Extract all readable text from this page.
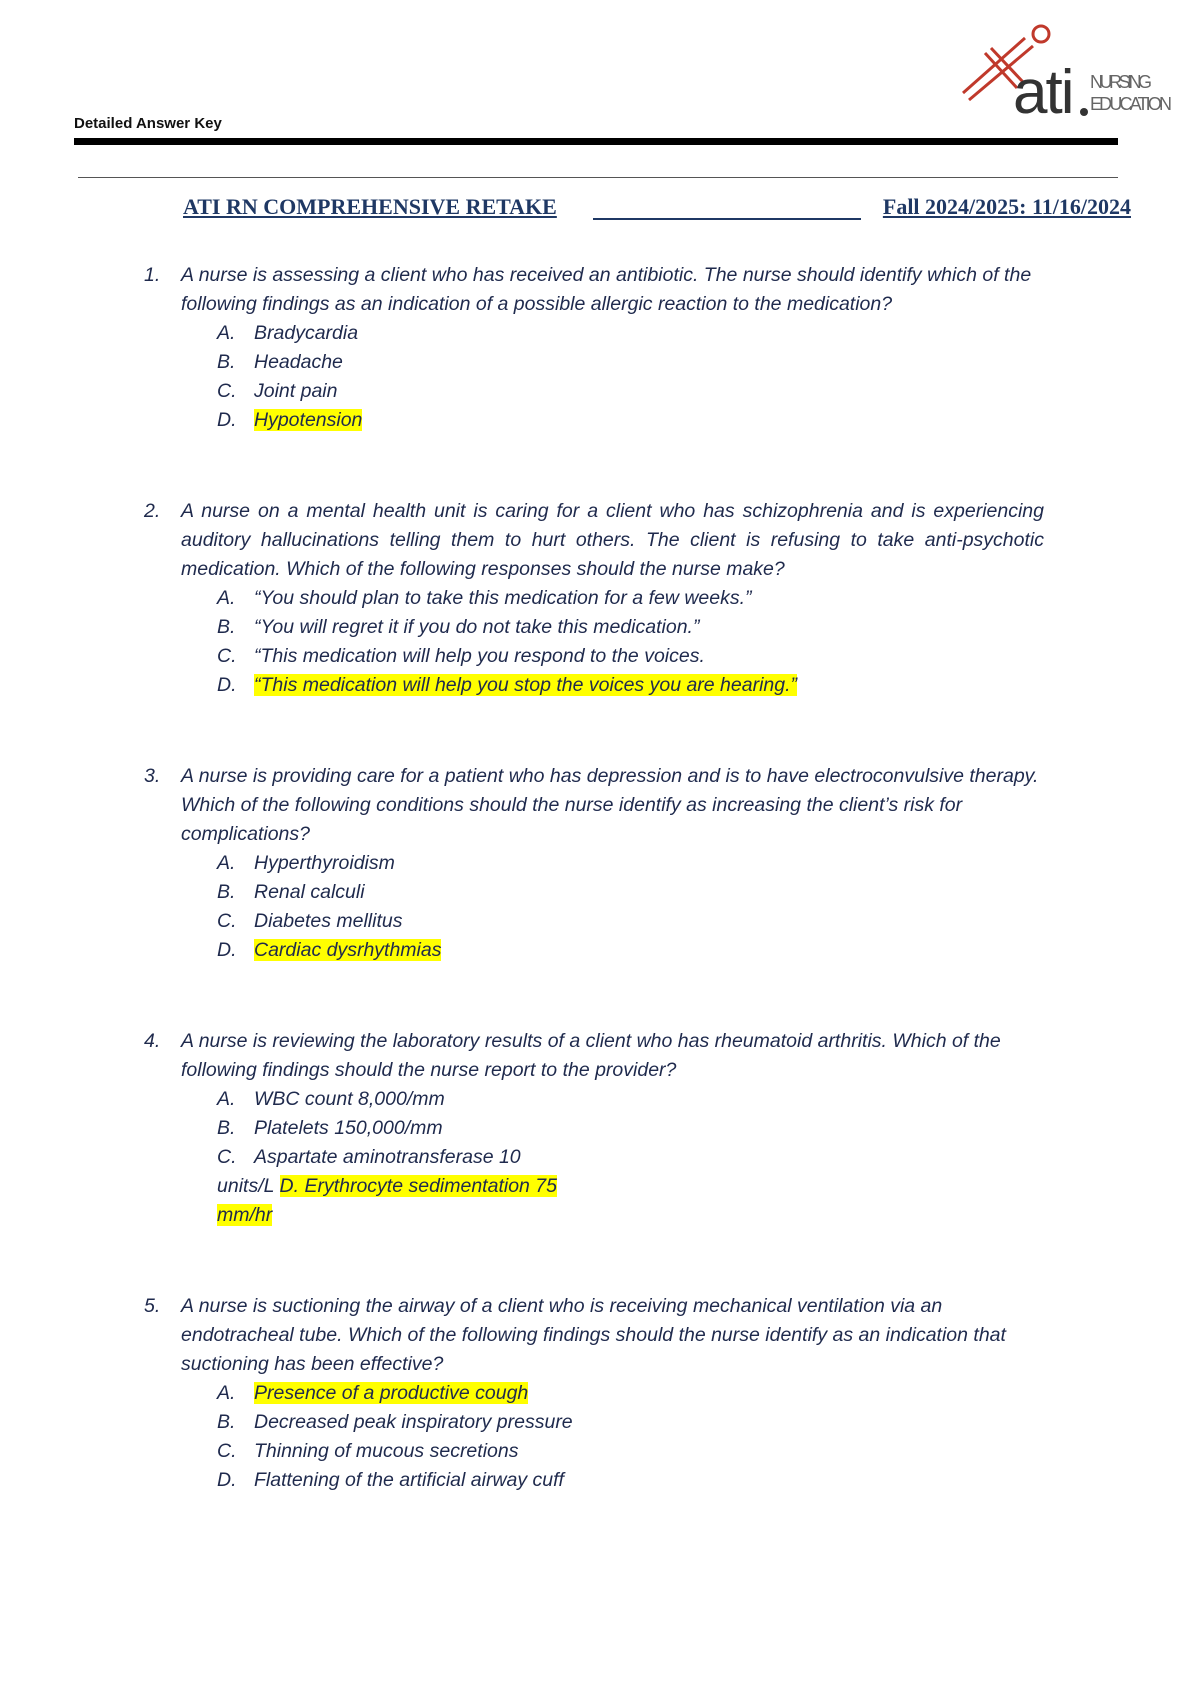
Detailed Answer Key	ati NURSING
EDUCATION
ATI RN COMPREHENSIVE RETAKE	Fall 2024/2025: 11/16/2024
1. A nurse is assessing a client who has received an antibiotic. The nurse should identify which of the following findings as an indication of a possible allergic reaction to the medication?
A. Bradycardia
B. Headache
C. Joint pain
D. Hypotension
2. A nurse on a mental health unit is caring for a client who has schizophrenia and is experiencing auditory hallucinations telling them to hurt others. The client is refusing to take anti-psychotic medication. Which of the following responses should the nurse make?
A. “You should plan to take this medication for a few weeks.”
B. “You will regret it if you do not take this medication.”
C. “This medication will help you respond to the voices.
D. “This medication will help you stop the voices you are hearing.”
3. A nurse is providing care for a patient who has depression and is to have electroconvulsive therapy. Which of the following conditions should the nurse identify as increasing the client’s risk for complications?
A. Hyperthyroidism
B. Renal calculi
C. Diabetes mellitus
D. Cardiac dysrhythmias
4. A nurse is reviewing the laboratory results of a client who has rheumatoid arthritis. Which of the following findings should the nurse report to the provider?
A. WBC count 8,000/mm
B. Platelets 150,000/mm
C. Aspartate aminotransferase 10
units/L D. Erythrocyte sedimentation 75
mm/hr
5. A nurse is suctioning the airway of a client who is receiving mechanical ventilation via an endotracheal tube. Which of the following findings should the nurse identify as an indication that suctioning has been effective?
A. Presence of a productive cough
B. Decreased peak inspiratory pressure
C. Thinning of mucous secretions
D. Flattening of the artificial airway cuff
